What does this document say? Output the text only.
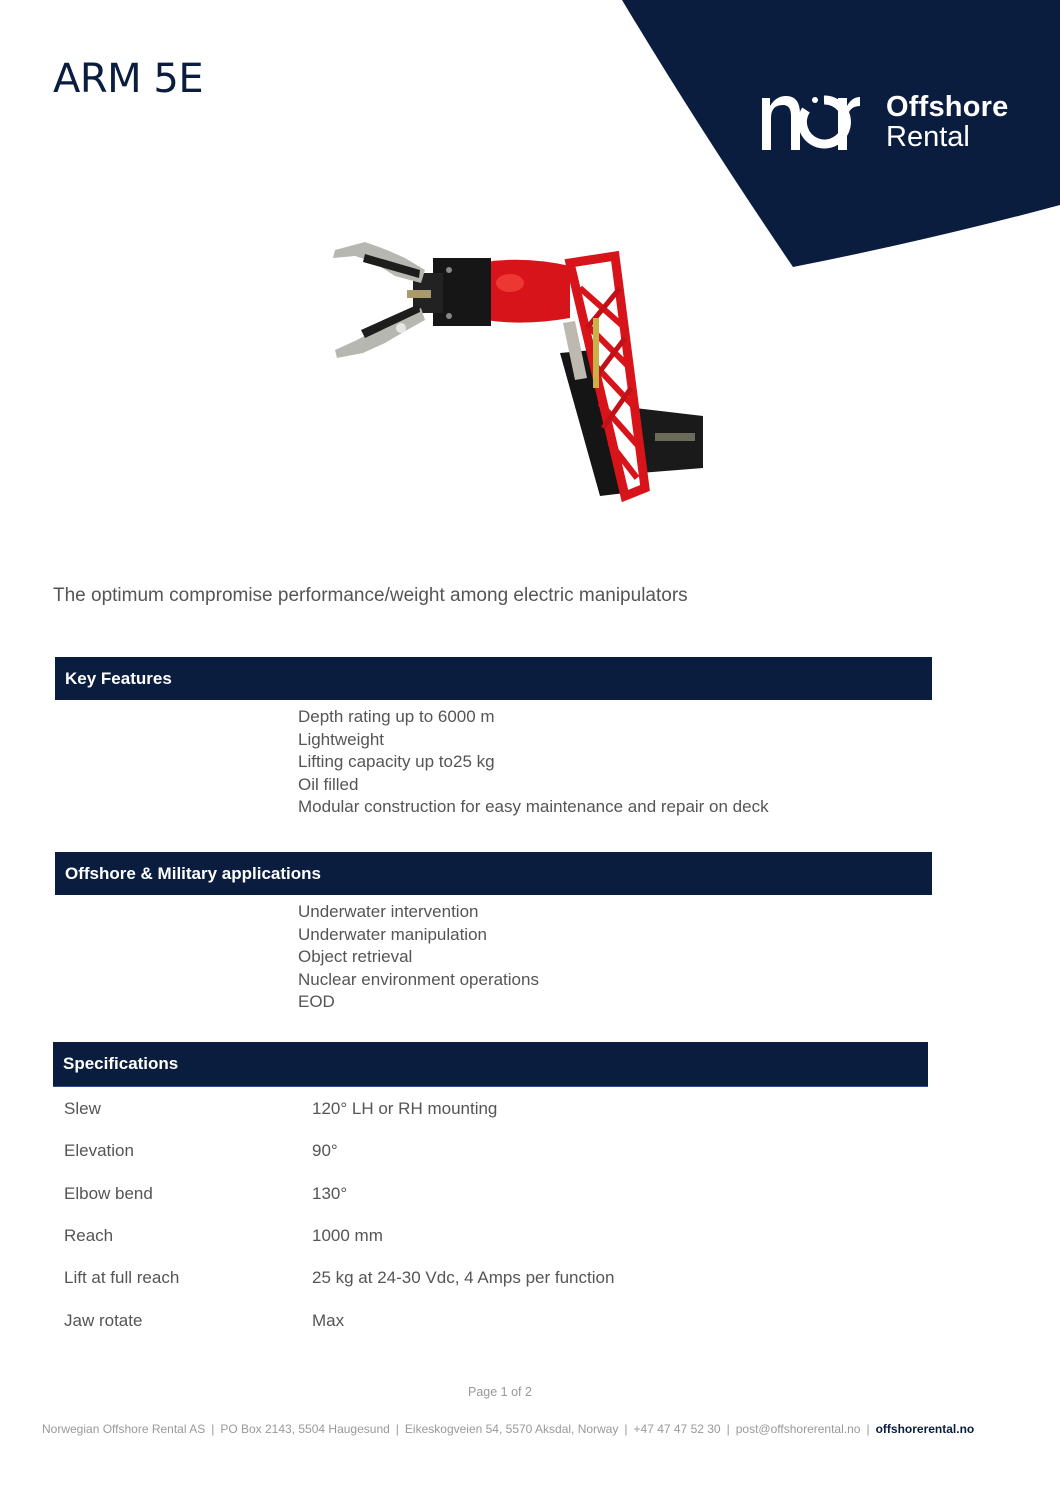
Offshore
Rental
ARM 5E
The optimum compromise performance/weight among electric manipulators
Key Features
Depth rating up to 6000 m
Lightweight
Lifting capacity up to25 kg
Oil filled
Modular construction for easy maintenance and repair on deck
Offshore & Military applications
Underwater intervention
Underwater manipulation
Object retrieval
Nuclear environment operations
EOD
Specifications
Slew	120° LH or RH mounting
Elevation	90°
Elbow bend	130°
Reach	1000 mm
Lift at full reach	25 kg at 24-30 Vdc, 4 Amps per function
Jaw rotate	Max
Page 1 of 2
Norwegian Offshore Rental AS | PO Box 2143, 5504 Haugesund | Eikeskogveien 54, 5570 Aksdal, Norway | +47 47 47 52 30 | post@offshorerental.no | offshorerental.no
